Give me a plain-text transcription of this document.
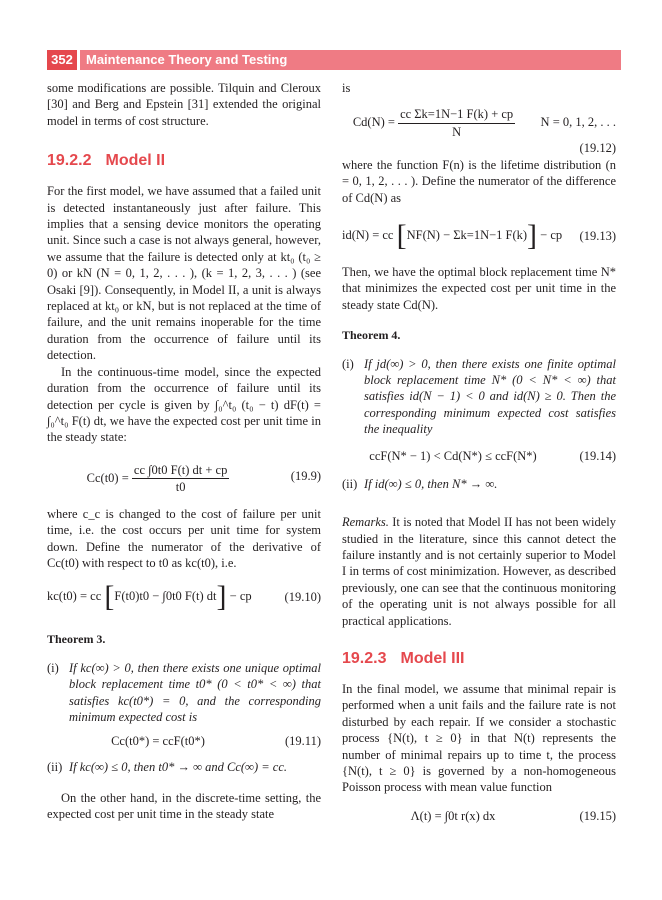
352	Maintenance Theory and Testing

some modifications are possible. Tilquin and Cleroux [30] and Berg and Epstein [31] extended the original model in terms of cost structure.

19.2.2 Model II

For the first model, we have assumed that a failed unit is detected instantaneously just after failure. This implies that a sensing device monitors the operating unit. Since such a case is not always general, however, we assume that the failure is detected only at kt₀ (t₀ ≥ 0) or kN (N = 0, 1, 2, . . . ), (k = 1, 2, 3, . . . ) (see Osaki [9]). Consequently, in Model II, a unit is always replaced at kt₀ or kN, but is not replaced at the time of failure, and the unit remains inoperable for the time duration from the occurrence of failure until its detection.

In the continuous-time model, since the expected duration from the occurrence of failure until its detection per cycle is given by ∫₀^t₀ (t₀ − t) dF(t) = ∫₀^t₀ F(t) dt, we have the expected cost per unit time in the steady state:

$Cc(t0) = \frac{cc \int 0t0 F(t) dt + cp}{t0}$	(19.9)

where c_c is changed to the cost of failure per unit time, i.e. the cost occurs per unit time for system down. Define the numerator of the derivative of Cc(t0) with respect to t0 as kc(t0), i.e.

kc(t0) = cc [F(t0)t0 − ∫0t0 F(t) dt] − cp	(19.10)

Theorem 3.

(i) If kc(∞) > 0, then there exists one unique optimal block replacement time t0* (0 < t0* < ∞) that satisfies kc(t0*) = 0, and the corresponding minimum expected cost is
Cc(t0*) = ccF(t0*)	(19.11)
(ii) If kc(∞) ≤ 0, then t0* → ∞ and Cc(∞) = cc.

On the other hand, in the discrete-time setting, the expected cost per unit time in the steady state

is

$Cd(N) = \frac{\text{cc Σk=1N−1 F(k) + cp}}{N}$ N = 0, 1, 2, . . .

(19.12)

where the function F(n) is the lifetime distribution (n = 0, 1, 2, . . . ). Define the numerator of the difference of Cd(N) as

id(N) = cc [NF(N) − Σk=1N−1 F(k)] − cp (19.13)

Then, we have the optimal block replacement time N* that minimizes the expected cost per unit time in the steady state Cd(N).

Theorem 4.

(i) If jd(∞) > 0, then there exists one finite optimal block replacement time N* (0 < N* < ∞) that satisfies id(N − 1) < 0 and id(N) ≥ 0. Then the corresponding minimum expected cost satisfies the inequality
ccF(N* − 1) < Cd(N*) ≤ ccF(N*)	(19.14)
(ii) If id(∞) ≤ 0, then N* → ∞.

Remarks. It is noted that Model II has not been widely studied in the literature, since this cannot detect the failure instantly and is not certainly superior to Model I in terms of cost minimization. However, as described previously, one can see that the continuous monitoring of the operating unit is not always possible for all practical applications.

19.2.3 Model III

In the final model, we assume that minimal repair is performed when a unit fails and the failure rate is not disturbed by each repair. If we consider a stochastic process {N(t), t ≥ 0} in that N(t) represents the number of minimal repairs up to time t, the process {N(t), t ≥ 0} is governed by a non-homogeneous Poisson process with mean value function

Λ(t) = ∫0t r(x) dx	(19.15)
